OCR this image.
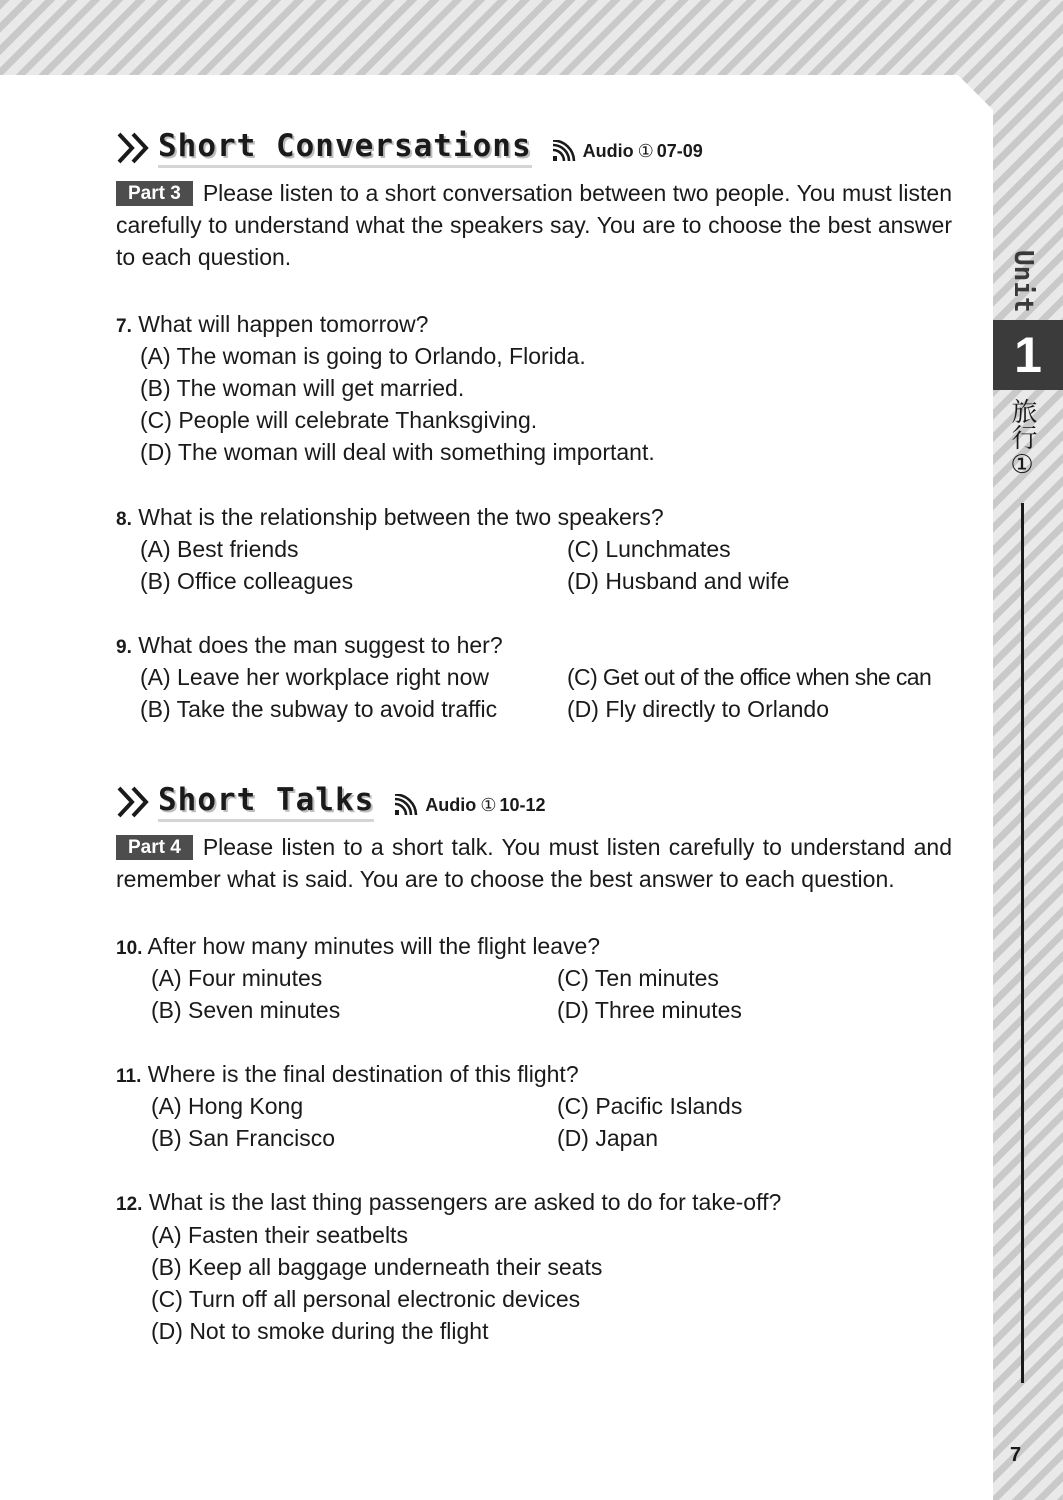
Short Conversations	Audio ① 07-09
Part 3 Please listen to a short conversation between two people. You must listen carefully to understand what the speakers say. You are to choose the best answer to each question.
7. What will happen tomorrow?
(A) The woman is going to Orlando, Florida.
(B) The woman will get married.
(C) People will celebrate Thanksgiving.
(D) The woman will deal with something important.
8. What is the relationship between the two speakers?
(A) Best friends
(B) Office colleagues
(C) Lunchmates
(D) Husband and wife
9. What does the man suggest to her?
(A) Leave her workplace right now
(B) Take the subway to avoid traffic
(C) Get out of the office when she can
(D) Fly directly to Orlando
Short Talks	Audio ① 10-12
Part 4 Please listen to a short talk. You must listen carefully to understand and remember what is said. You are to choose the best answer to each question.
10. After how many minutes will the flight leave?
(A) Four minutes
(B) Seven minutes
(C) Ten minutes
(D) Three minutes
11. Where is the final destination of this flight?
(A) Hong Kong
(B) San Francisco
(C) Pacific Islands
(D) Japan
12. What is the last thing passengers are asked to do for take-off?
(A) Fasten their seatbelts
(B) Keep all baggage underneath their seats
(C) Turn off all personal electronic devices
(D) Not to smoke during the flight
Unit
1
旅行①
7
